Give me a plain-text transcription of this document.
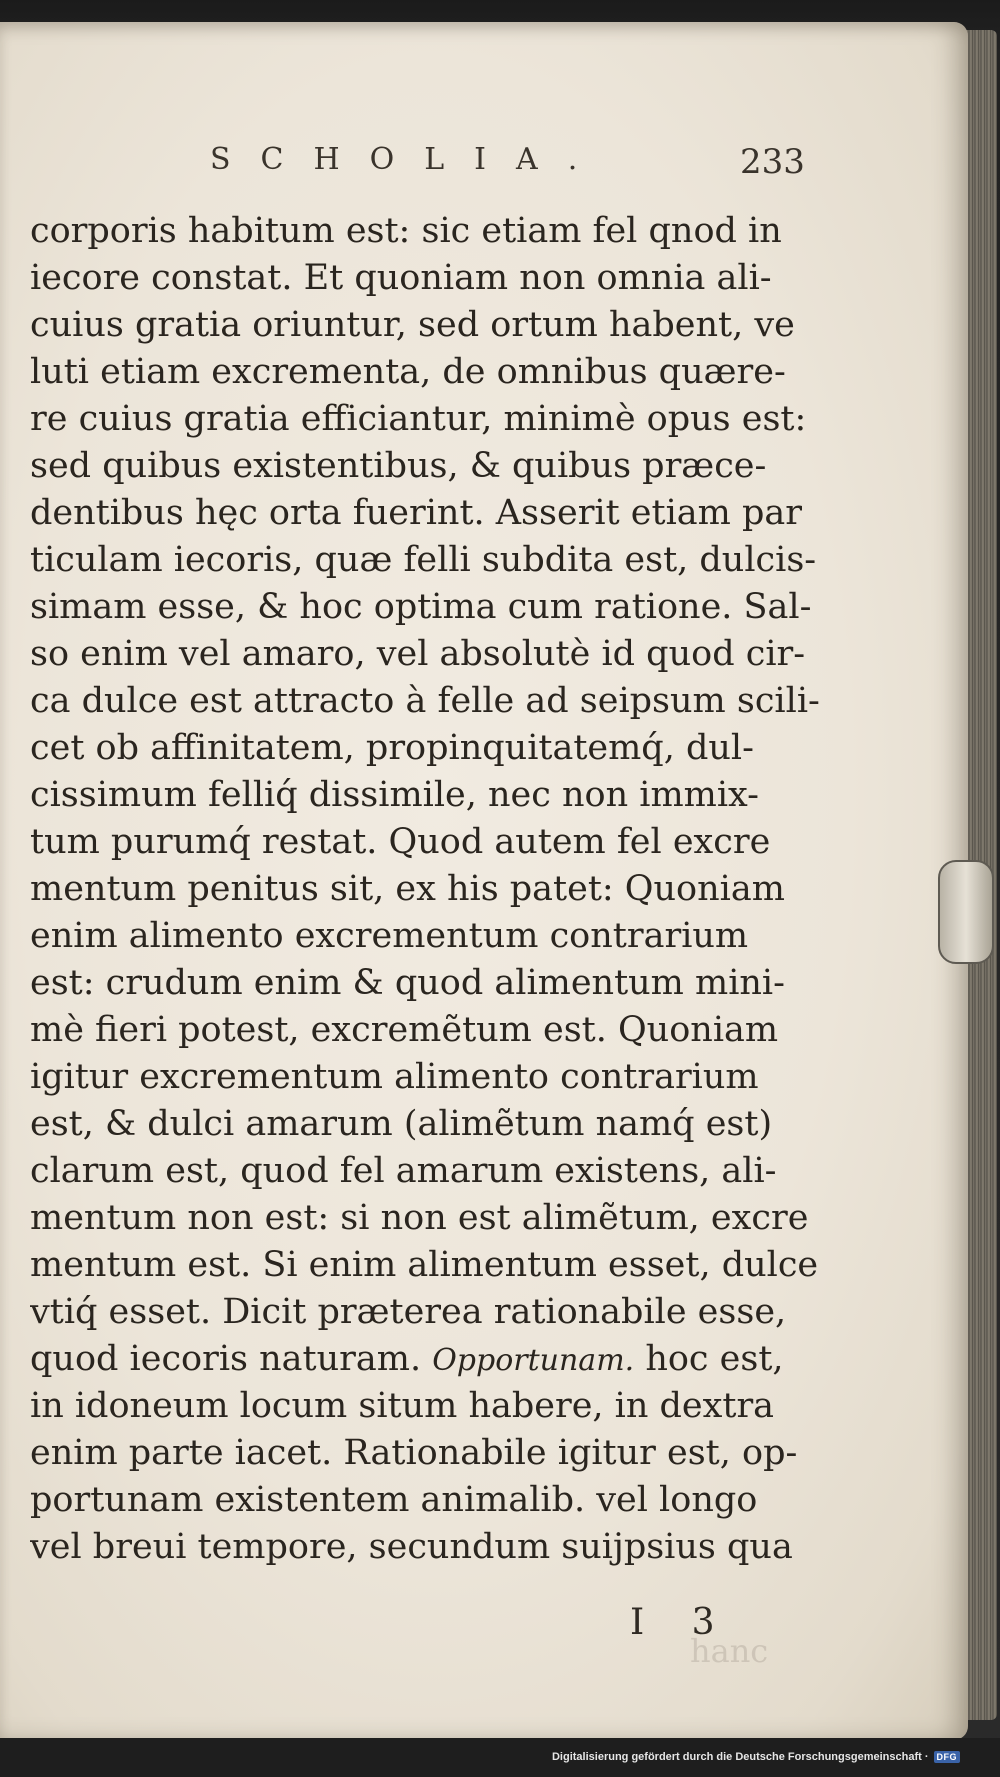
SCHOLIA.	233
corporis habitum est: sic etiam fel qnod in
iecore constat. Et quoniam non omnia ali-
cuius gratia oriuntur, sed ortum habent, ve
luti etiam excrementa, de omnibus quære-
re cuius gratia efficiantur, minimè opus est:
sed quibus existentibus, & quibus præce-
dentibus hęc orta fuerint. Asserit etiam par
ticulam iecoris, quæ felli subdita est, dulcis-
simam esse, & hoc optima cum ratione. Sal-
so enim vel amaro, vel absolutè id quod cir-
ca dulce est attracto à felle ad seipsum scili-
cet ob affinitatem, propinquitatemq́, dul-
cissimum felliq́ dissimile, nec non immix-
tum purumq́ restat. Quod autem fel excre
mentum penitus sit, ex his patet: Quoniam
enim alimento excrementum contrarium
est: crudum enim & quod alimentum mini-
mè fieri potest, excremẽtum est. Quoniam
igitur excrementum alimento contrarium
est, & dulci amarum (alimẽtum namq́ est)
clarum est, quod fel amarum existens, ali-
mentum non est: si non est alimẽtum, excre
mentum est. Si enim alimentum esset, dulce
vtiq́ esset. Dicit præterea rationabile esse,
quod iecoris naturam. Opportunam. hoc est,
in idoneum locum situm habere, in dextra
enim parte iacet. Rationabile igitur est, op-
portunam existentem animalib. vel longo
vel breui tempore, secundum suijpsius qua
I 3
hanc
Digitalisierung gefördert durch die Deutsche Forschungsgemeinschaft · DFG
